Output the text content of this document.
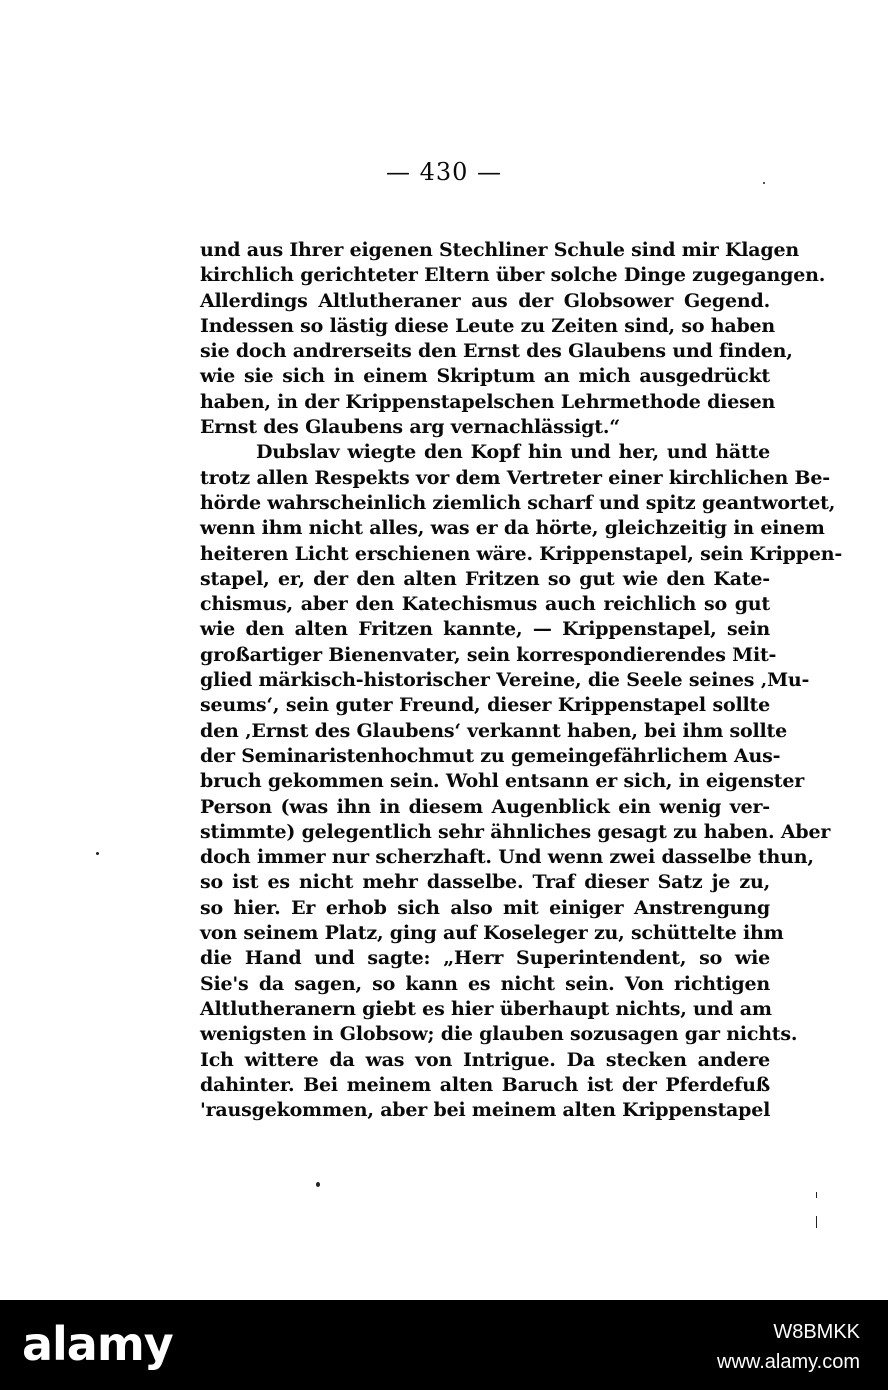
— 430 —
und aus Ihrer eigenen Stechliner Schule sind mir Klagen
kirchlich gerichteter Eltern über solche Dinge zugegangen.
Allerdings Altlutheraner aus der Globsower Gegend.
Indessen so lästig diese Leute zu Zeiten sind, so haben
sie doch andrerseits den Ernst des Glaubens und finden,
wie sie sich in einem Skriptum an mich ausgedrückt
haben, in der Krippenstapelschen Lehrmethode diesen
Ernst des Glaubens arg vernachlässigt.“
Dubslav wiegte den Kopf hin und her, und hätte
trotz allen Respekts vor dem Vertreter einer kirchlichen Be-
hörde wahrscheinlich ziemlich scharf und spitz geantwortet,
wenn ihm nicht alles, was er da hörte, gleichzeitig in einem
heiteren Licht erschienen wäre. Krippenstapel, sein Krippen-
stapel, er, der den alten Fritzen so gut wie den Kate-
chismus, aber den Katechismus auch reichlich so gut
wie den alten Fritzen kannte, — Krippenstapel, sein
großartiger Bienenvater, sein korrespondierendes Mit-
glied märkisch-historischer Vereine, die Seele seines ‚Mu-
seums‘, sein guter Freund, dieser Krippenstapel sollte
den ‚Ernst des Glaubens‘ verkannt haben, bei ihm sollte
der Seminaristenhochmut zu gemeingefährlichem Aus-
bruch gekommen sein. Wohl entsann er sich, in eigenster
Person (was ihn in diesem Augenblick ein wenig ver-
stimmte) gelegentlich sehr ähnliches gesagt zu haben. Aber
doch immer nur scherzhaft. Und wenn zwei dasselbe thun,
so ist es nicht mehr dasselbe. Traf dieser Satz je zu,
so hier. Er erhob sich also mit einiger Anstrengung
von seinem Platz, ging auf Koseleger zu, schüttelte ihm
die Hand und sagte: „Herr Superintendent, so wie
Sie's da sagen, so kann es nicht sein. Von richtigen
Altlutheranern giebt es hier überhaupt nichts, und am
wenigsten in Globsow; die glauben sozusagen gar nichts.
Ich wittere da was von Intrigue. Da stecken andere
dahinter. Bei meinem alten Baruch ist der Pferdefuß
'rausgekommen, aber bei meinem alten Krippenstapel
alamy	W8BMKK
www.alamy.com
